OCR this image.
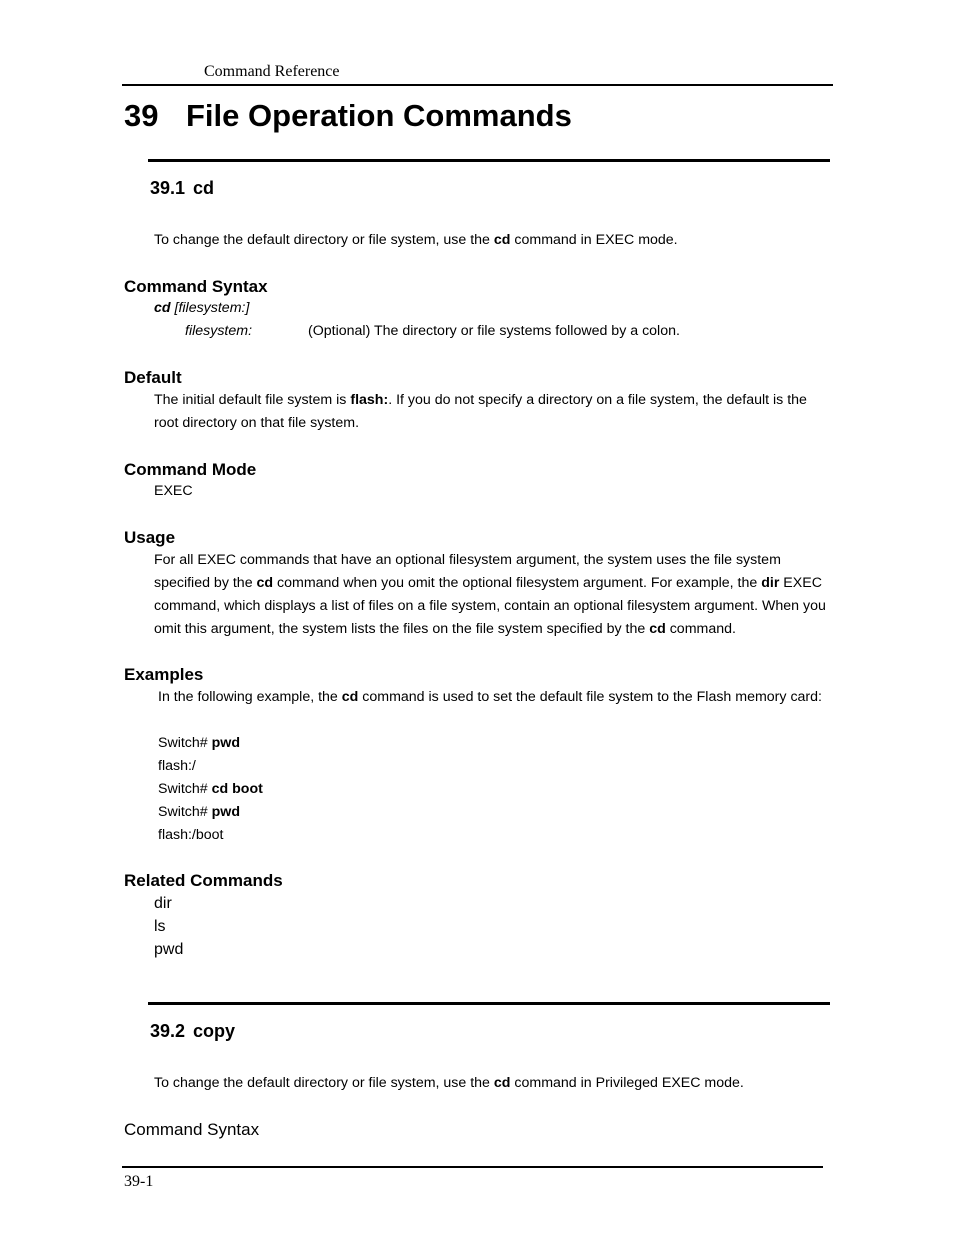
Command Reference
39 File Operation Commands
39.1 cd
To change the default directory or file system, use the cd command in EXEC mode.
Command Syntax
cd [filesystem:]
filesystem:	(Optional) The directory or file systems followed by a colon.
Default
The initial default file system is flash:. If you do not specify a directory on a file system, the default is the root directory on that file system.
Command Mode
EXEC
Usage
For all EXEC commands that have an optional filesystem argument, the system uses the file system specified by the cd command when you omit the optional filesystem argument. For example, the dir EXEC command, which displays a list of files on a file system, contain an optional filesystem argument. When you omit this argument, the system lists the files on the file system specified by the cd command.
Examples
In the following example, the cd command is used to set the default file system to the Flash memory card:
Switch# pwd
flash:/
Switch# cd boot
Switch# pwd
flash:/boot
Related Commands
dir
ls
pwd
39.2 copy
To change the default directory or file system, use the cd command in Privileged EXEC mode.
Command Syntax
39-1
